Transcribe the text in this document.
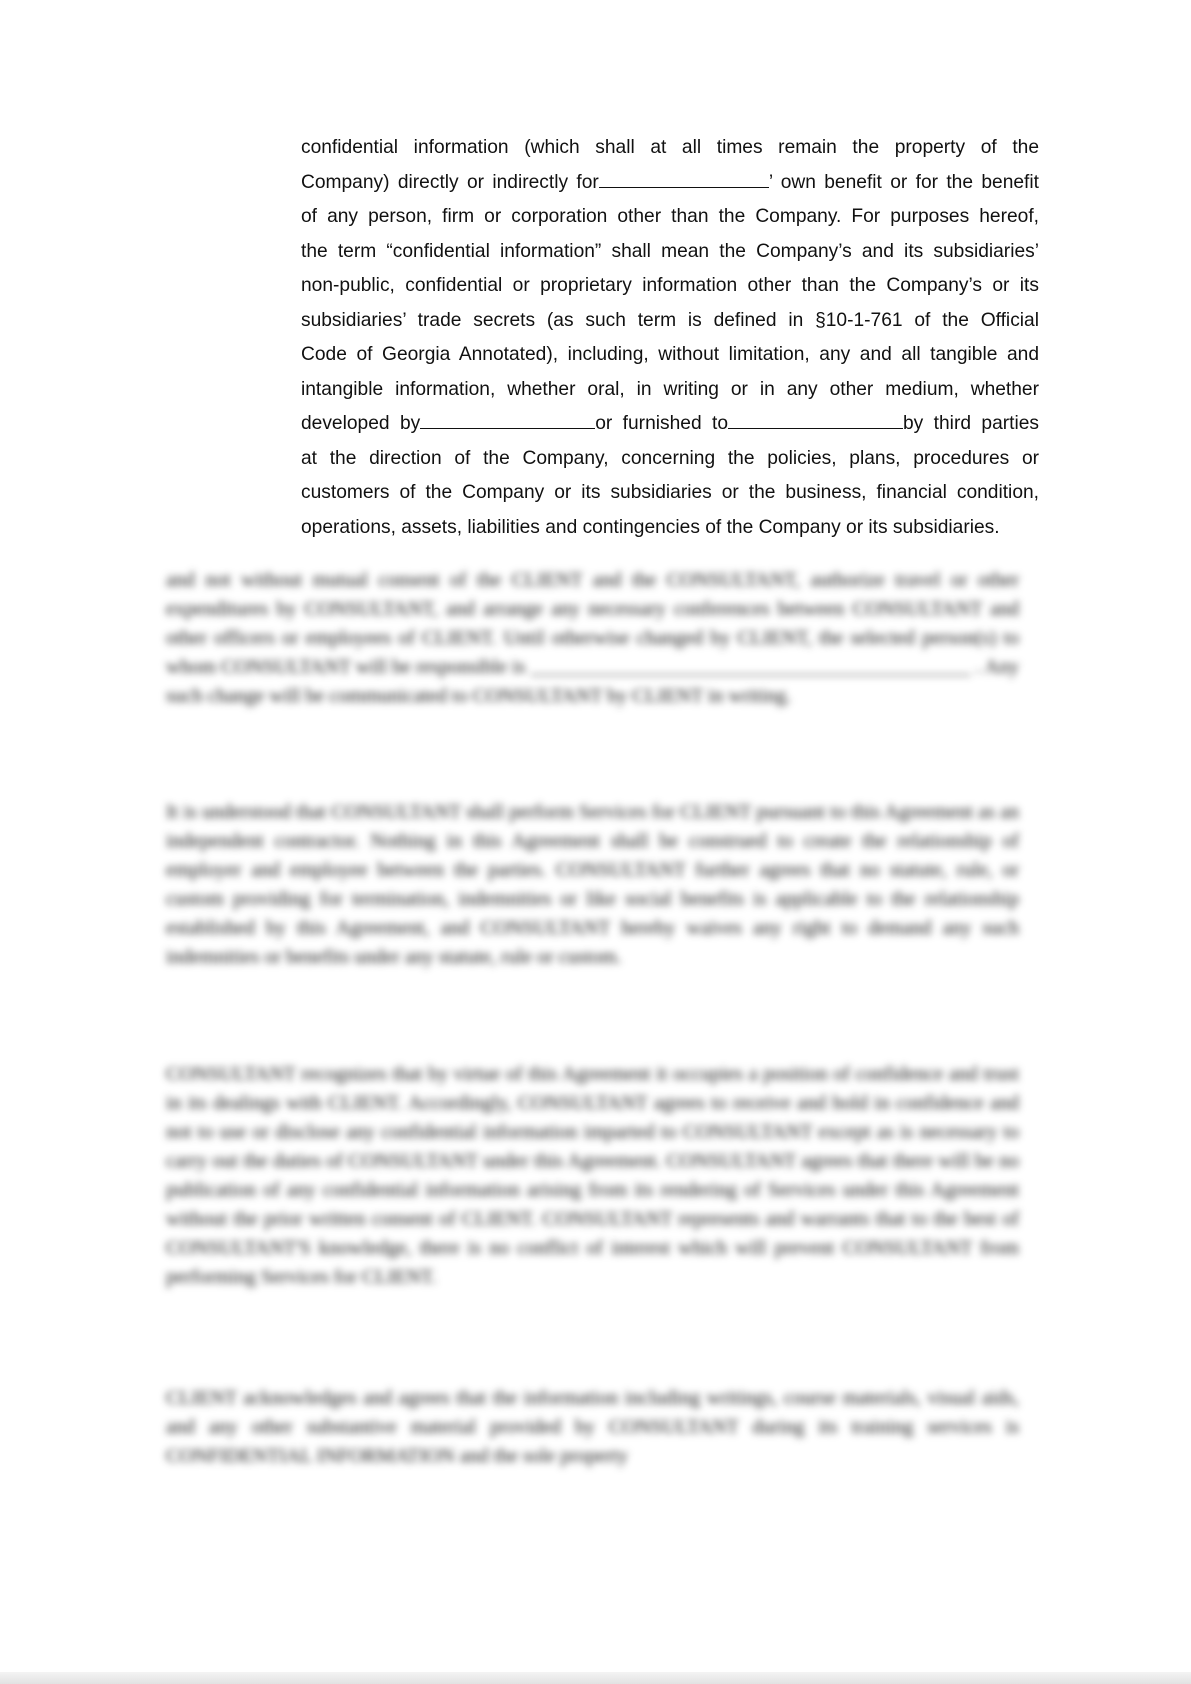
confidential information (which shall at all times remain the property of the
Company) directly or indirectly for	’ own benefit or for the benefit
of any person, firm or corporation other than the Company. For purposes hereof,
the term “confidential information” shall mean the Company’s and its subsidiaries’
non-public, confidential or proprietary information other than the Company’s or its
subsidiaries’ trade secrets (as such term is defined in §10-1-761 of the Official
Code of Georgia Annotated), including, without limitation, any and all tangible and
intangible information, whether oral, in writing or in any other medium, whether
developed by	or furnished to	by third parties
at the direction of the Company, concerning the policies, plans, procedures or
customers of the Company or its subsidiaries or the business, financial condition,
operations, assets, liabilities and contingencies of the Company or its subsidiaries.

and not without mutual consent of the CLIENT and the CONSULTANT, authorize travel or other expenditures by CONSULTANT, and arrange any necessary conferences between CONSULTANT and other officers or employees of CLIENT. Until otherwise changed by CLIENT, the selected person(s) to whom CONSULTANT will be responsible is ____________________________________________ . Any such change will be communicated to CONSULTANT by CLIENT in writing.

It is understood that CONSULTANT shall perform Services for CLIENT pursuant to this Agreement as an independent contractor. Nothing in this Agreement shall be construed to create the relationship of employer and employee between the parties. CONSULTANT further agrees that no statute, rule, or custom providing for termination, indemnities or like social benefits is applicable to the relationship established by this Agreement, and CONSULTANT hereby waives any right to demand any such indemnities or benefits under any statute, rule or custom.

CONSULTANT recognizes that by virtue of this Agreement it occupies a position of confidence and trust in its dealings with CLIENT. Accordingly, CONSULTANT agrees to receive and hold in confidence and not to use or disclose any confidential information imparted to CONSULTANT except as is necessary to carry out the duties of CONSULTANT under this Agreement. CONSULTANT agrees that there will be no publication of any confidential information arising from its rendering of Services under this Agreement without the prior written consent of CLIENT. CONSULTANT represents and warrants that to the best of CONSULTANT'S knowledge, there is no conflict of interest which will prevent CONSULTANT from performing Services for CLIENT.

CLIENT acknowledges and agrees that the information including writings, course materials, visual aids, and any other substantive material provided by CONSULTANT during its training services is CONFIDENTIAL INFORMATION and the sole property
